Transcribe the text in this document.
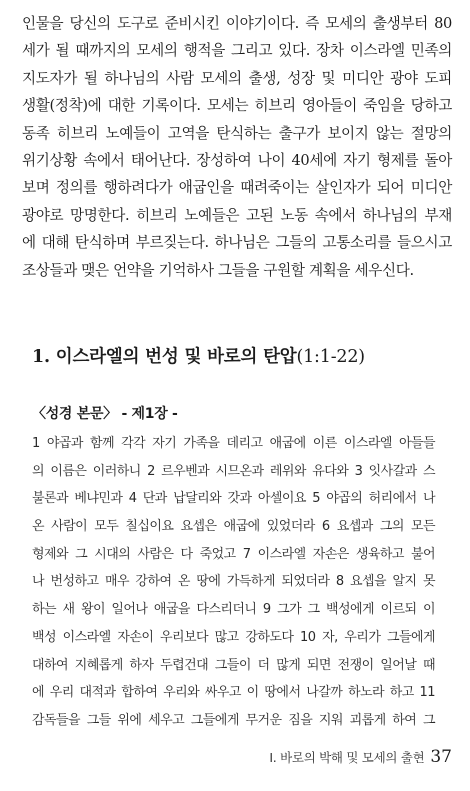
인물을 당신의 도구로 준비시킨 이야기이다. 즉 모세의 출생부터 80
세가 될 때까지의 모세의 행적을 그리고 있다. 장차 이스라엘 민족의
지도자가 될 하나님의 사람 모세의 출생, 성장 및 미디안 광야 도피
생활(정착)에 대한 기록이다. 모세는 히브리 영아들이 죽임을 당하고
동족 히브리 노예들이 고역을 탄식하는 출구가 보이지 않는 절망의
위기상황 속에서 태어난다. 장성하여 나이 40세에 자기 형제를 돌아
보며 정의를 행하려다가 애굽인을 때려죽이는 살인자가 되어 미디안
광야로 망명한다. 히브리 노예들은 고된 노동 속에서 하나님의 부재
에 대해 탄식하며 부르짖는다. 하나님은 그들의 고통소리를 들으시고
조상들과 맺은 언약을 기억하사 그들을 구원할 계획을 세우신다.
1. 이스라엘의 번성 및 바로의 탄압(1:1-22)
〈성경 본문〉 - 제1장 -
1 야곱과 함께 각각 자기 가족을 데리고 애굽에 이른 이스라엘 아들들
의 이름은 이러하니 2 르우벤과 시므온과 레위와 유다와 3 잇사갈과 스
불론과 베냐민과 4 단과 납달리와 갓과 아셀이요 5 야곱의 허리에서 나
온 사람이 모두 칠십이요 요셉은 애굽에 있었더라 6 요셉과 그의 모든
형제와 그 시대의 사람은 다 죽었고 7 이스라엘 자손은 생육하고 불어
나 번성하고 매우 강하여 온 땅에 가득하게 되었더라 8 요셉을 알지 못
하는 새 왕이 일어나 애굽을 다스리더니 9 그가 그 백성에게 이르되 이
백성 이스라엘 자손이 우리보다 많고 강하도다 10 자, 우리가 그들에게
대하여 지혜롭게 하자 두렵건대 그들이 더 많게 되면 전쟁이 일어날 때
에 우리 대적과 합하여 우리와 싸우고 이 땅에서 나갈까 하노라 하고 11
감독들을 그들 위에 세우고 그들에게 무거운 짐을 지워 괴롭게 하여 그
I. 바로의 박해 및 모세의 출현 37
